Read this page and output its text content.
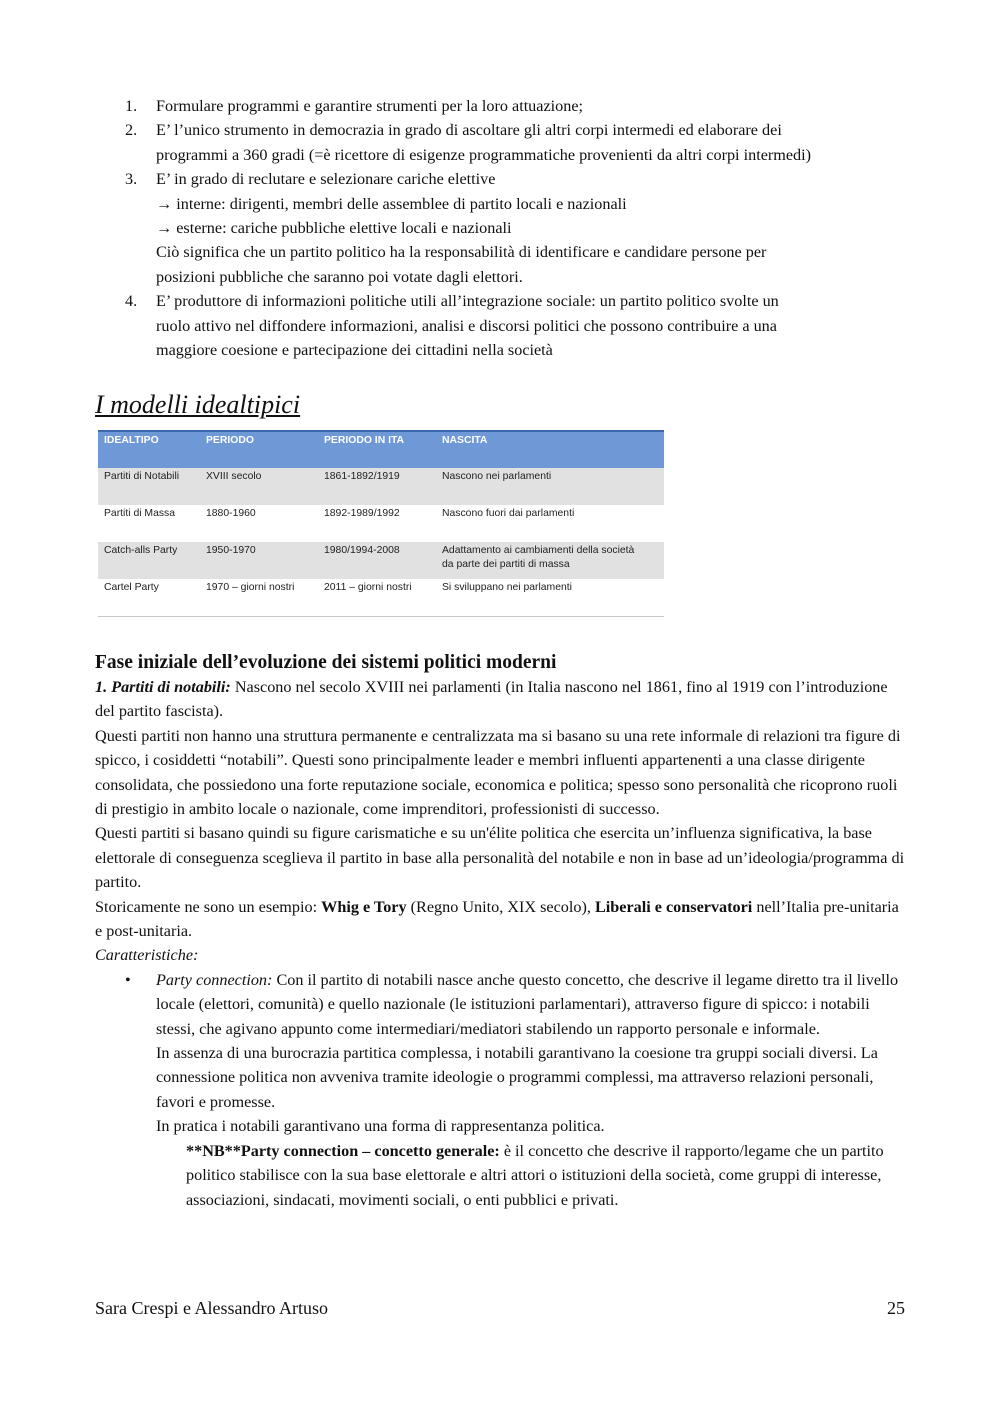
1. Formulare programmi e garantire strumenti per la loro attuazione;
2. E’ l’unico strumento in democrazia in grado di ascoltare gli altri corpi intermedi ed elaborare dei
programmi a 360 gradi (=è ricettore di esigenze programmatiche provenienti da altri corpi intermedi)
3. E’ in grado di reclutare e selezionare cariche elettive
→ interne: dirigenti, membri delle assemblee di partito locali e nazionali
→ esterne: cariche pubbliche elettive locali e nazionali
Ciò significa che un partito politico ha la responsabilità di identificare e candidare persone per
posizioni pubbliche che saranno poi votate dagli elettori.
4. E’ produttore di informazioni politiche utili all’integrazione sociale: un partito politico svolte un
ruolo attivo nel diffondere informazioni, analisi e discorsi politici che possono contribuire a una
maggiore coesione e partecipazione dei cittadini nella società
I modelli idealtipici
IDEALTIPO	PERIODO	PERIODO IN ITA	NASCITA
Partiti di Notabili	XVIII secolo	1861-1892/1919	Nascono nei parlamenti
Partiti di Massa	1880-1960	1892-1989/1992	Nascono fuori dai parlamenti
Catch-alls Party	1950-1970	1980/1994-2008	Adattamento ai cambiamenti della società
da parte dei partiti di massa

Cartel Party	1970 – giorni nostri	2011 – giorni nostri	Si sviluppano nei parlamenti
Fase iniziale dell’evoluzione dei sistemi politici moderni

1. Partiti di notabili: Nascono nel secolo XVIII nei parlamenti (in Italia nascono nel 1861, fino al 1919 con l’introduzione del partito fascista).

Questi partiti non hanno una struttura permanente e centralizzata ma si basano su una rete informale di relazioni tra figure di spicco, i cosiddetti “notabili”. Questi sono principalmente leader e membri influenti appartenenti a una classe dirigente consolidata, che possiedono una forte reputazione sociale, economica e politica; spesso sono personalità che ricoprono ruoli di prestigio in ambito locale o nazionale, come imprenditori, professionisti di successo.

Questi partiti si basano quindi su figure carismatiche e su un'élite politica che esercita un’influenza significativa, la base elettorale di conseguenza sceglieva il partito in base alla personalità del notabile e non in base ad un’ideologia/programma di partito.

Storicamente ne sono un esempio: Whig e Tory (Regno Unito, XIX secolo), Liberali e conservatori nell’Italia pre-unitaria e post-unitaria.

Caratteristiche:

• Party connection: Con il partito di notabili nasce anche questo concetto, che descrive il legame diretto tra il livello locale (elettori, comunità) e quello nazionale (le istituzioni parlamentari), attraverso figure di spicco: i notabili stessi, che agivano appunto come intermediari/mediatori stabilendo un rapporto personale e informale.

In assenza di una burocrazia partitica complessa, i notabili garantivano la coesione tra gruppi sociali diversi. La connessione politica non avveniva tramite ideologie o programmi complessi, ma attraverso relazioni personali, favori e promesse.

In pratica i notabili garantivano una forma di rappresentanza politica.

**NB**Party connection – concetto generale: è il concetto che descrive il rapporto/legame che un partito politico stabilisce con la sua base elettorale e altri attori o istituzioni della società, come gruppi di interesse, associazioni, sindacati, movimenti sociali, o enti pubblici e privati.

Sara Crespi e Alessandro Artuso	25
